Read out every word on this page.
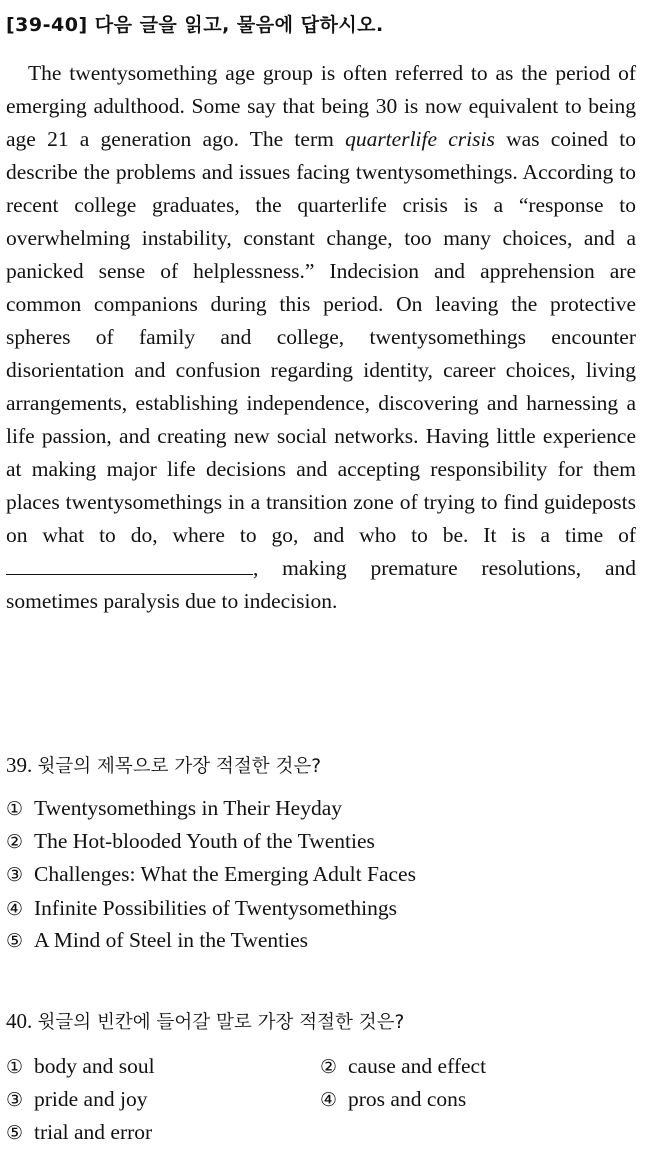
[39-40] 다음 글을 읽고, 물음에 답하시오.
The twentysomething age group is often referred to as the period of emerging adulthood. Some say that being 30 is now equivalent to being age 21 a generation ago. The term quarterlife crisis was coined to describe the problems and issues facing twentysomethings. According to recent college graduates, the quarterlife crisis is a “response to overwhelming instability, constant change, too many choices, and a panicked sense of helplessness.” Indecision and apprehension are common companions during this period. On leaving the protective spheres of family and college, twentysomethings encounter disorientation and confusion regarding identity, career choices, living arrangements, establishing independence, discovering and harnessing a life passion, and creating new social networks. Having little experience at making major life decisions and accepting responsibility for them places twentysomethings in a transition zone of trying to find guideposts on what to do, where to go, and who to be. It is a time of , making premature resolutions, and sometimes paralysis due to indecision.
39. 윗글의 제목으로 가장 적절한 것은?
① Twentysomethings in Their Heyday
② The Hot-blooded Youth of the Twenties
③ Challenges: What the Emerging Adult Faces
④ Infinite Possibilities of Twentysomethings
⑤ A Mind of Steel in the Twenties
40. 윗글의 빈칸에 들어갈 말로 가장 적절한 것은?
① body and soul	② cause and effect
③ pride and joy	④ pros and cons
⑤ trial and error
